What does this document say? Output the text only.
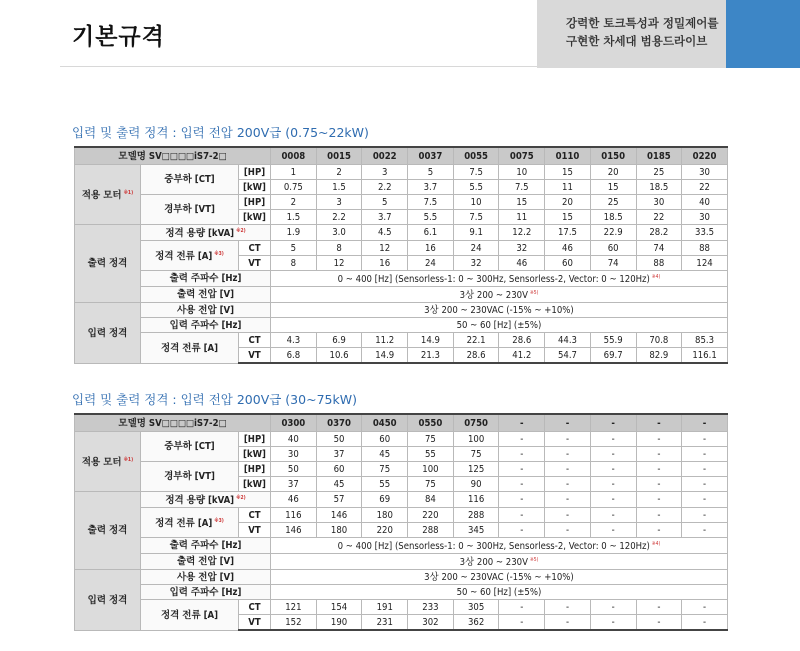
기본규격
강력한 토크특성과 정밀제어를
구현한 차세대 범용드라이브
입력 및 출력 정격 : 입력 전압 200V급 (0.75~22kW)
모델명 SV□□□□iS7-2□			0008	0015	0022	0037	0055	0075	0110	0150	0185	0220
적용 모터 $^{※1)}$	중부하 [CT]	[HP]	1	2	3	5	7.5	10	15	20	25	30
		[kW]	0.75	1.5	2.2	3.7	5.5	7.5	11	15	18.5	22
	경부하 [VT]	[HP]	2	3	5	7.5	10	15	20	25	30	40
		[kW]	1.5	2.2	3.7	5.5	7.5	11	15	18.5	22	30
출력 정격	정격 용량 [kVA] $^{※2)}$		1.9	3.0	4.5	6.1	9.1	12.2	17.5	22.9	28.2	33.5
	정격 전류 [A] $^{※3)}$	CT	5	8	12	16	24	32	46	60	74	88
		VT	8	12	16	24	32	46	60	74	88	124
	출력 주파수 [Hz]		0 ~ 400 [Hz] (Sensorless-1: 0 ~ 300Hz, Sensorless-2, Vector: 0 ~ 120Hz) $^{※4)}$
	출력 전압 [V]		3상 200 ~ 230V $^{※5)}$
입력 정격	사용 전압 [V]		3상 200 ~ 230VAC (-15% ~ +10%)									
	입력 주파수 [Hz]		50 ~ 60 [Hz] (±5%)									
	정격 전류 [A]	CT	4.3	6.9	11.2	14.9	22.1	28.6	44.3	55.9	70.8	85.3
		VT	6.8	10.6	14.9	21.3	28.6	41.2	54.7	69.7	82.9	116.1
입력 및 출력 정격 : 입력 전압 200V급 (30~75kW)
모델명 SV□□□□iS7-2□			0300	0370	0450	0550	0750	-	-	-	-	-
적용 모터 $^{※1)}$	중부하 [CT]	[HP]	40	50	60	75	100	-	-	-	-	-
		[kW]	30	37	45	55	75	-	-	-	-	-
	경부하 [VT]	[HP]	50	60	75	100	125	-	-	-	-	-
		[kW]	37	45	55	75	90	-	-	-	-	-
출력 정격	정격 용량 [kVA] $^{※2)}$		46	57	69	84	116	-	-	-	-	-
	정격 전류 [A] $^{※3)}$	CT	116	146	180	220	288	-	-	-	-	-
		VT	146	180	220	288	345	-	-	-	-	-
	출력 주파수 [Hz]		0 ~ 400 [Hz] (Sensorless-1: 0 ~ 300Hz, Sensorless-2, Vector: 0 ~ 120Hz) $^{※4)}$
	출력 전압 [V]		3상 200 ~ 230V $^{※5)}$
입력 정격	사용 전압 [V]		3상 200 ~ 230VAC (-15% ~ +10%)									
	입력 주파수 [Hz]		50 ~ 60 [Hz] (±5%)									
	정격 전류 [A]	CT	121	154	191	233	305	-	-	-	-	-
		VT	152	190	231	302	362	-	-	-	-	-
